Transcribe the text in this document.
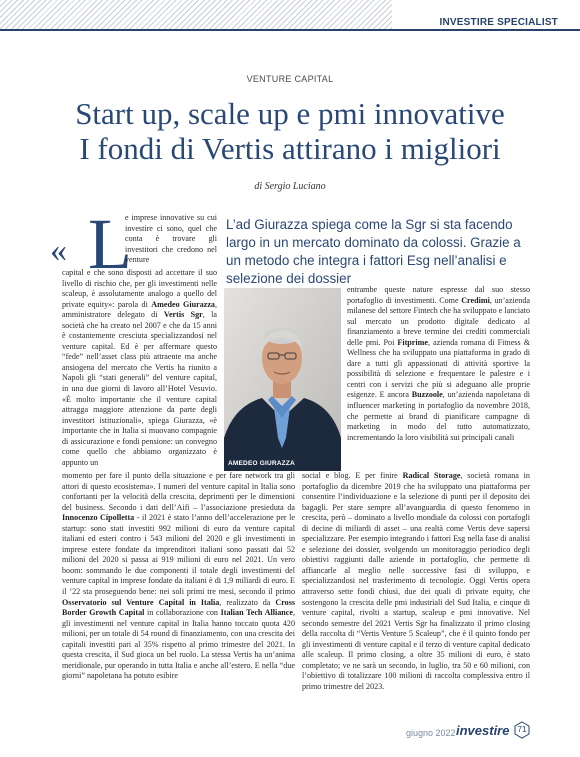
INVESTIRE SPECIALIST
VENTURE CAPITAL
Start up, scale up e pmi innovative
I fondi di Vertis attirano i migliori
di Sergio Luciano
« L

e imprese innovative su cui investire ci sono, quel che conta è trovare gli investitori che credono nel venture

capital e che sono disposti ad accettare il suo livello di rischio che, per gli investimenti nelle scaleup, è assolutamente analogo a quello del private equity»: parola di Amedeo Giurazza, amministratore delegato di Vertis Sgr, la società che ha creato nel 2007 e che da 15 anni è costantemente cresciuta specializzandosi nel venture capital. Ed è per affermare questo “fede” nell’asset class più attraente ma anche ansiogena del mercato che Vertis ha riunito a Napoli gli “stati generali” del venture capital, in una due giorni di lavoro all’Hotel Vesuvio. «È molto importante che il venture capital attragga maggiore attenzione da parte degli investitori istituzionali», spiega Giurazza, «è importante che in Italia si muovano compagnie di assicurazione e fondi pensione: un convegno come quello che abbiamo organizzato è appunto un

L’ad Giurazza spiega come la Sgr si sta facendo largo in un mercato dominato da colossi. Grazie a un metodo che integra i fattori Esg nell’analisi e selezione dei dossier

AMEDEO GIURAZZA

entrambe queste nature espresse dal suo stesso portafoglio di investimenti. Come Credimi, un’azienda milanese del settore Fintech che ha sviluppato e lanciato sul mercato un prodotto digitale dedicato al finanziamento a breve termine dei crediti commerciali delle pmi. Poi Fitprime, azienda romana di Fitness & Wellness che ha sviluppato una piattaforma in grado di dare a tutti gli appassionati di attività sportive la possibilità di selezione e frequentare le palestre e i centri con i servizi che più si adeguano alle proprie esigenze. E ancora Buzzoole, un’azienda napoletana di influencer marketing in portafoglio da novembre 2018, che permette ai brand di pianificare campagne di marketing in modo del tutto automatizzato, incrementando la loro visibilità sui principali canali

momento per fare il punto della situazione e per fare network tra gli attori di questo ecosistema». I numeri del venture capital in Italia sono confortanti per la velocità della crescita, deprimenti per le dimensioni del business. Secondo i dati dell’Aifi – l’associazione presieduta da Innocenzo Cipolletta - il 2021 è stato l’anno dell’accelerazione per le startup: sono stati investiti 992 milioni di euro da venture capital italiani ed esteri contro i 543 milioni del 2020 e gli investimenti in imprese estere fondate da imprenditori italiani sono passati dai 52 milioni del 2020 si passa ai 919 milioni di euro nel 2021. Un vero boom: sommando le due componenti il totale degli investimenti del venture capital in imprese fondate da italiani è di 1,9 miliardi di euro. E il ’22 sta proseguendo bene: nei soli primi tre mesi, secondo il primo Osservatorio sul Venture Capital in Italia, realizzato da Cross Border Growth Capital in collaborazione con Italian Tech Alliance, gli investimenti nel venture capital in Italia hanno toccato quota 420 milioni, per un totale di 54 round di finanziamento, con una crescita dei capitali investiti pari al 35% rispetto al primo trimestre del 2021. In questa crescita, il Sud gioca un bel ruolo. La stessa Vertis ha un’anima meridionale, pur operando in tutta Italia e anche all’estero. E nella “due giorni” napoletana ha potuto esibire

social e blog. E per finire Radical Storage, società romana in portafoglio da dicembre 2019 che ha sviluppato una piattaforma per consentire l’individuazione e la selezione di punti per il deposito dei bagagli. Per stare sempre all’avanguardia di questo fenomeno in crescita, però – dominato a livello mondiale da colossi con portafogli di decine di miliardi di asset – una realtà come Vertis deve sapersi specializzare. Per esempio integrando i fattori Esg nella fase di analisi e selezione dei dossier, svolgendo un monitoraggio periodico degli obiettivi raggiunti dalle aziende in portafoglio, che permette di affiancarle al meglio nelle successive fasi di sviluppo, e specializzandosi nel trasferimento di tecnologie. Oggi Vertis opera attraverso sette fondi chiusi, due dei quali di private equity, che sostengono la crescita delle pmi industriali del Sud Italia, e cinque di venture capital, rivolti a startup, scaleup e pmi innovative. Nel secondo semestre del 2021 Vertis Sgr ha finalizzato il primo closing della raccolta di “Vertis Venture 5 Scaleup”, che è il quinto fondo per gli investimenti di venture capital e il terzo di venture capital dedicato alle scaleup. Il primo closing, a oltre 35 milioni di euro, è stato completato; ve ne sarà un secondo, in luglio, tra 50 e 60 milioni, con l’obiettivo di totalizzare 100 milioni di raccolta complessiva entro il primo trimestre del 2023.

giugno 2022 investire	71
